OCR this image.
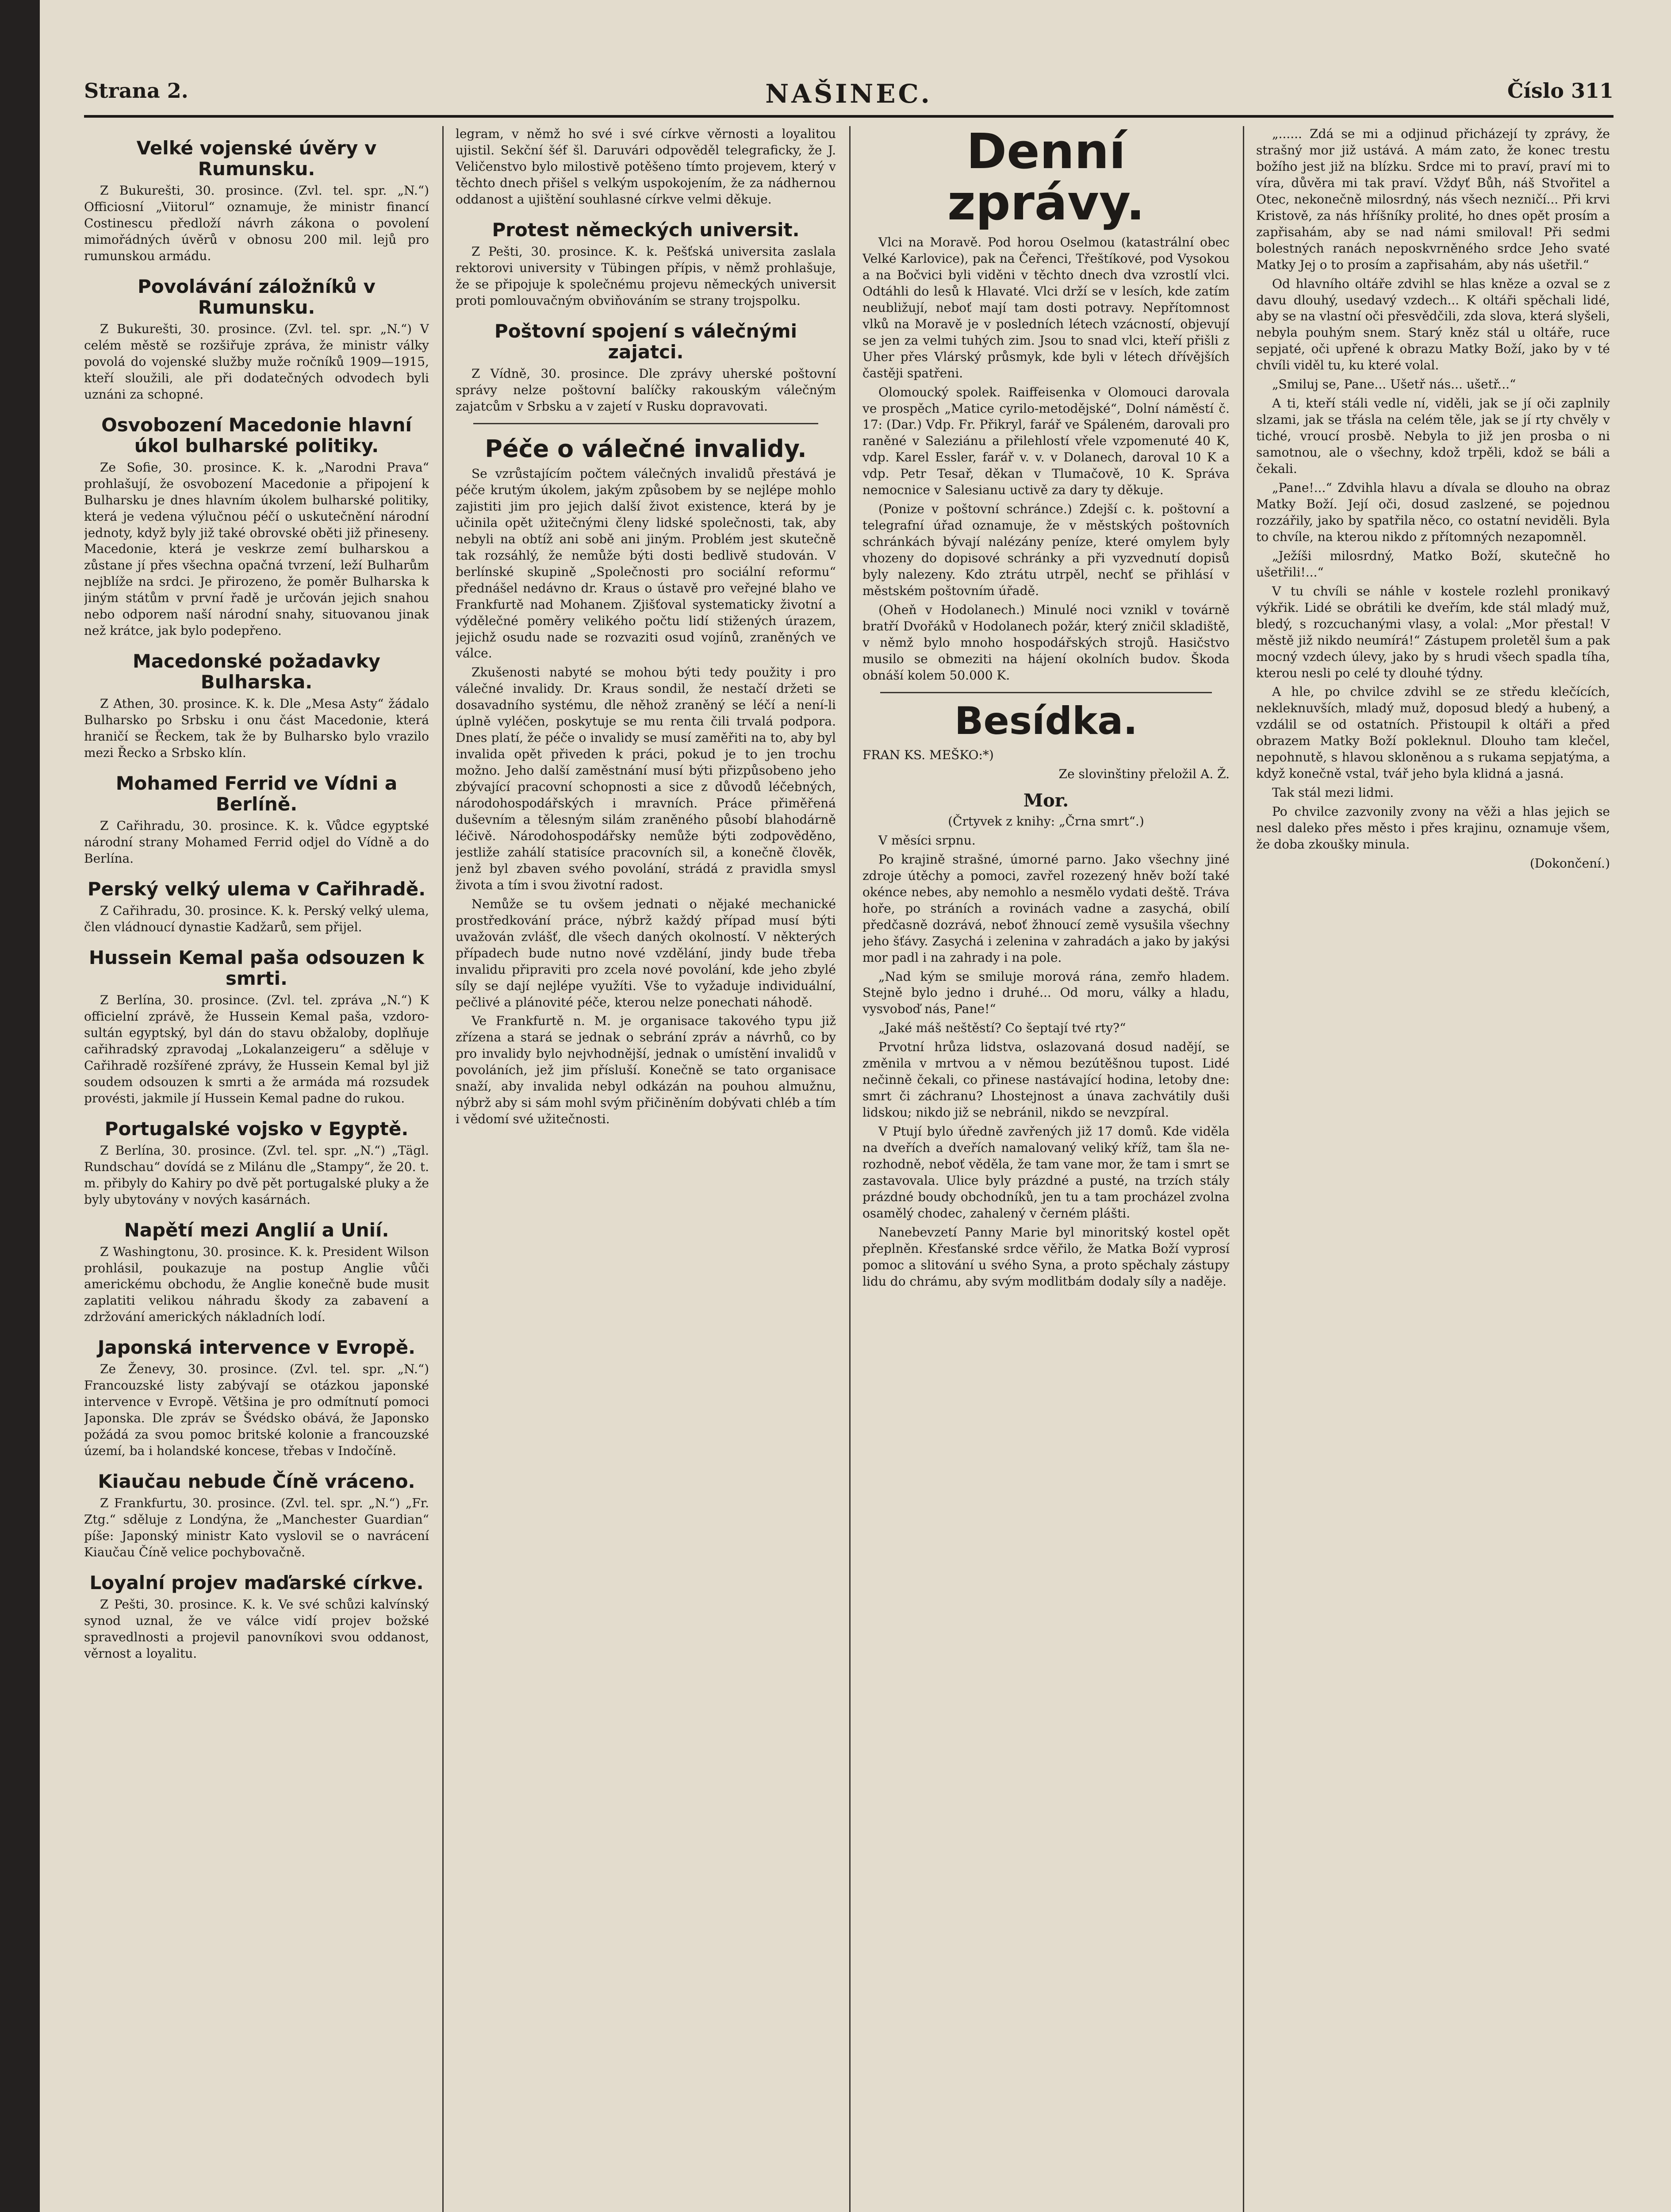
Strana 2.	NAŠINEC.	Číslo 311
Velké vojenské úvěry v Rumunsku.

Z Bukurešti, 30. prosince. (Zvl. tel. spr. „N.“) Officiosní „Viitorul“ oznamuje, že ministr financí Costinescu předloží návrh zákona o povolení mimořádných úvěrů v obnosu 200 mil. lejů pro rumunskou armádu.

Povolávání záložníků v Rumunsku.

Z Bukurešti, 30. prosince. (Zvl. tel. spr. „N.“) V celém městě se rozšiřuje zpráva, že ministr války povolá do vojenské služby muže ročníků 1909—1915, kteří sloužili, ale při dodatečných odvodech byli uznáni za schopné.

Osvobození Macedonie hlavní úkol bulharské politiky.

Ze Sofie, 30. prosince. K. k. „Narodni Prava“ prohlašují, že osvobození Macedonie a připojení k Bulharsku je dnes hlavním úkolem bulharské politiky, která je vedena výlučnou péčí o uskutečnění národní jednoty, když byly již také obrovské oběti již přineseny. Macedonie, která je veskrze zemí bulharskou a zůstane jí přes všechna opačná tvrzení, leží Bulharům nejblíže na srdci. Je přirozeno, že poměr Bulharska k jiným státům v první řadě je určován jejich snahou nebo odporem naší národní snahy, situovanou jinak než krátce, jak bylo podepřeno.

Macedonské požadavky Bulharska.

Z Athen, 30. prosince. K. k. Dle „Mesa Asty“ žádalo Bulharsko po Srbsku i onu část Macedonie, která hraničí se Řeckem, tak že by Bulharsko bylo vrazilo mezi Řecko a Srbsko klín.

Mohamed Ferrid ve Vídni a Berlíně.

Z Cařihradu, 30. prosince. K. k. Vůdce egyptské národní strany Mohamed Ferrid odjel do Vídně a do Berlína.

Perský velký ulema v Cařihradě.

Z Cařihradu, 30. prosince. K. k. Perský velký ulema, člen vládnoucí dynastie Kadžarů, sem přijel.

Hussein Kemal paša odsouzen k smrti.

Z Berlína, 30. prosince. (Zvl. tel. zpráva „N.“) K officielní zprávě, že Hussein Kemal paša, vzdoro-sultán egyptský, byl dán do stavu obžaloby, doplňuje cařihradský zpravodaj „Lokalanzeigeru“ a sděluje v Cařihradě rozšířené zprávy, že Hussein Kemal byl již soudem odsouzen k smrti a že armáda má rozsudek provésti, jakmile jí Hussein Kemal padne do rukou.

Portugalské vojsko v Egyptě.

Z Berlína, 30. prosince. (Zvl. tel. spr. „N.“) „Tägl. Rundschau“ dovídá se z Milánu dle „Stampy“, že 20. t. m. přibyly do Kahiry po dvě pět portugalské pluky a že byly ubytovány v nových kasárnách.

Napětí mezi Anglií a Unií.

Z Washingtonu, 30. prosince. K. k. President Wilson prohlásil, poukazuje na postup Anglie vůči americkému obchodu, že Anglie konečně bude musit zaplatiti velikou náhradu škody za zabavení a zdržování amerických nákladních lodí.

Japonská intervence v Evropě.

Ze Ženevy, 30. prosince. (Zvl. tel. spr. „N.“) Francouzské listy zabývají se otázkou japonské intervence v Evropě. Většina je pro odmítnutí pomoci Japonska. Dle zpráv se Švédsko obává, že Japonsko požádá za svou pomoc britské kolonie a francouzské území, ba i holandské koncese, třebas v Indočíně.

Kiaučau nebude Číně vráceno.

Z Frankfurtu, 30. prosince. (Zvl. tel. spr. „N.“) „Fr. Ztg.“ sděluje z Londýna, že „Manchester Guardian“ píše: Japonský ministr Kato vyslovil se o navrácení Kiaučau Číně velice pochybovačně.

Loyalní projev maďarské církve.

Z Pešti, 30. prosince. K. k. Ve své schůzi kalvínský synod uznal, že ve válce vidí projev božské spravedlnosti a projevil panovníkovi svou oddanost, věrnost a loyalitu.

legram, v němž ho své i své církve věrnosti a loyalitou ujistil. Sekční šéf šl. Daruvári odpověděl telegraficky, že J. Veličenstvo bylo milostivě potěšeno tímto projevem, který v těchto dnech přišel s velkým uspokojením, že za nádhernou oddanost a ujištění souhlasné církve velmi děkuje.

Protest německých universit.

Z Pešti, 30. prosince. K. k. Pešťská universita zaslala rektorovi university v Tübingen přípis, v němž prohlašuje, že se připojuje k společnému projevu německých universit proti pomlouvačným obviňováním se strany trojspolku.

Poštovní spojení s válečnými zajatci.

Z Vídně, 30. prosince. Dle zprávy uherské poštovní správy nelze poštovní balíčky rakouským válečným zajatcům v Srbsku a v zajetí v Rusku dopravovati.

Péče o válečné invalidy.

Se vzrůstajícím počtem válečných invalidů přestává je péče krutým úkolem, jakým způsobem by se nejlépe mohlo zajistiti jim pro jejich další život existence, která by je učinila opět užitečnými členy lidské společnosti, tak, aby nebyli na obtíž ani sobě ani jiným. Problém jest skutečně tak rozsáhlý, že nemůže býti dosti bedlivě studován. V berlínské skupině „Společnosti pro sociální reformu“ přednášel nedávno dr. Kraus o ústavě pro veřejné blaho ve Frankfurtě nad Mohanem. Zjišťoval systematicky životní a výdělečné poměry velikého počtu lidí stižených úrazem, jejichž osudu nade se rozvaziti osud vojínů, zraněných ve válce.

Zkušenosti nabyté se mohou býti tedy použity i pro válečné invalidy. Dr. Kraus sondil, že nestačí držeti se dosavadního systému, dle něhož zraněný se léčí a není-li úplně vyléčen, poskytuje se mu renta čili trvalá podpora. Dnes platí, že péče o invalidy se musí zaměřiti na to, aby byl invalida opět přiveden k práci, pokud je to jen trochu možno. Jeho další zaměstnání musí býti přizpůsobeno jeho zbývající pracovní schopnosti a sice z důvodů léčebných, národohospodářských i mravních. Práce přiměřená duševním a tělesným silám zraněného působí blahodárně léčivě. Národohospodářsky nemůže býti zodpověděno, jestliže zahálí statisíce pracovních sil, a konečně člověk, jenž byl zbaven svého povolání, strádá z pravidla smysl života a tím i svou životní radost.

Nemůže se tu ovšem jednati o nějaké mechanické prostředkování práce, nýbrž každý případ musí býti uvažován zvlášť, dle všech daných okolností. V některých případech bude nutno nové vzdělání, jindy bude třeba invalidu připraviti pro zcela nové povolání, kde jeho zbylé síly se dají nejlépe využíti. Vše to vyžaduje individuální, pečlivé a plánovité péče, kterou nelze ponechati náhodě.

Ve Frankfurtě n. M. je organisace takového typu již zřízena a stará se jednak o sebrání zpráv a návrhů, co by pro invalidy bylo nejvhodnější, jednak o umístění invalidů v povoláních, jež jim přísluší. Konečně se tato organisace snaží, aby invalida nebyl odkázán na pouhou almužnu, nýbrž aby si sám mohl svým přičiněním dobývati chléb a tím i vědomí své užitečnosti.

Denní zprávy.

Vlci na Moravě. Pod horou Oselmou (katastrální obec Velké Karlovice), pak na Čeřenci, Třeštíkové, pod Vysokou a na Bočvici byli viděni v těchto dnech dva vzrostlí vlci. Odtáhli do lesů k Hlavaté. Vlci drží se v lesích, kde zatím neubližují, neboť mají tam dosti potravy. Nepřítomnost vlků na Moravě je v posledních létech vzácností, objevují se jen za velmi tuhých zim. Jsou to snad vlci, kteří přišli z Uher přes Vlárský průsmyk, kde byli v létech dřívějších častěji spatřeni.

Olomoucký spolek. Raiffeisenka v Olomouci darovala ve prospěch „Matice cyrilo-metodějské“, Dolní náměstí č. 17: (Dar.) Vdp. Fr. Přikryl, farář ve Spáleném, darovali pro raněné v Saleziánu a přilehlostí vřele vzpomenuté 40 K, vdp. Karel Essler, farář v. v. v Dolanech, daroval 10 K a vdp. Petr Tesař, děkan v Tlumačově, 10 K. Správa nemocnice v Salesianu uctivě za dary ty děkuje.

(Ponize v poštovní schránce.) Zdejší c. k. poštovní a telegrafní úřad oznamuje, že v městských poštovních schránkách bývají nalézány peníze, které omylem byly vhozeny do dopisové schránky a při vyzvednutí dopisů byly nalezeny. Kdo ztrátu utrpěl, nechť se přihlásí v městském poštovním úřadě.

(Oheň v Hodolanech.) Minulé noci vznikl v továrně bratří Dvořáků v Hodolanech požár, který zničil skladiště, v němž bylo mnoho hospodářských strojů. Hasičstvo musilo se obmeziti na hájení okolních budov. Škoda obnáší kolem 50.000 K.

Besídka.

FRAN KS. MEŠKO:*)

Ze slovinštiny přeložil A. Ž.

Mor.

(Črtyvek z knihy: „Črna smrt“.)

V měsíci srpnu.

Po krajině strašné, úmorné parno. Jako všechny jiné zdroje útěchy a pomoci, zavřel rozezený hněv boží také okénce nebes, aby nemohlo a nesmělo vydati deště. Tráva hoře, po stráních a rovinách vadne a zasychá, obilí předčasně dozrává, neboť žhnoucí země vysušila všechny jeho šťávy. Zasychá i zelenina v zahradách a jako by jakýsi mor padl i na zahrady i na pole.

„Nad kým se smiluje morová rána, zemřo hladem. Stejně bylo jedno i druhé... Od moru, války a hladu, vysvoboď nás, Pane!“

„Jaké máš neštěstí? Co šeptají tvé rty?“

Prvotní hrůza lidstva, oslazovaná dosud nadějí, se změnila v mrtvou a v němou bezútěšnou tupost. Lidé nečinně čekali, co přinese nastávající hodina, letoby dne: smrt či záchranu? Lhostejnost a únava zachvátily duši lidskou; nikdo již se nebránil, nikdo se nevzpíral.

V Ptují bylo úředně zavřených již 17 domů. Kde viděla na dveřích a dveřích namalovaný veliký kříž, tam šla nerozhodně, neboť věděla, že tam vane mor, že tam i smrt se zastavovala. Ulice byly prázdné a pusté, na trzích stály prázdné boudy obchodníků, jen tu a tam procházel zvolna osamělý chodec, zahalený v černém plášti.

Nanebevzetí Panny Marie byl minoritský kostel opět přeplněn. Křesťanské srdce věřilo, že Matka Boží vyprosí pomoc a slitování u svého Syna, a proto spěchaly zástupy lidu do chrámu, aby svým modlitbám dodaly síly a naděje.

„...... Zdá se mi a odjinud přicházejí ty zprávy, že strašný mor již ustává. A mám zato, že konec trestu božího jest již na blízku. Srdce mi to praví, praví mi to víra, důvěra mi tak praví. Vždyť Bůh, náš Stvořitel a Otec, nekonečně milosrdný, nás všech nezničí... Při krvi Kristově, za nás hříšníky prolité, ho dnes opět prosím a zapřisahám, aby se nad námi smiloval! Při sedmi bolestných ranách neposkvrněného srdce Jeho svaté Matky Jej o to prosím a zapřisahám, aby nás ušetřil.“

Od hlavního oltáře zdvihl se hlas kněze a ozval se z davu dlouhý, usedavý vzdech... K oltáři spěchali lidé, aby se na vlastní oči přesvědčili, zda slova, která slyšeli, nebyla pouhým snem. Starý kněz stál u oltáře, ruce sepjaté, oči upřené k obrazu Matky Boží, jako by v té chvíli viděl tu, ku které volal.

„Smiluj se, Pane... Ušetř nás... ušetř...“

A ti, kteří stáli vedle ní, viděli, jak se jí oči zaplnily slzami, jak se třásla na celém těle, jak se jí rty chvěly v tiché, vroucí prosbě. Nebyla to již jen prosba o ni samotnou, ale o všechny, kdož trpěli, kdož se báli a čekali.

„Pane!...“ Zdvihla hlavu a dívala se dlouho na obraz Matky Boží. Její oči, dosud zaslzené, se pojednou rozzářily, jako by spatřila něco, co ostatní neviděli. Byla to chvíle, na kterou nikdo z přítomných nezapomněl.

„Ježíši milosrdný, Matko Boží, skutečně ho ušetřili!...“

V tu chvíli se náhle v kostele rozlehl pronikavý výkřik. Lidé se obrátili ke dveřím, kde stál mladý muž, bledý, s rozcuchanými vlasy, a volal: „Mor přestal! V městě již nikdo neumírá!“ Zástupem proletěl šum a pak mocný vzdech úlevy, jako by s hrudi všech spadla tíha, kterou nesli po celé ty dlouhé týdny.

A hle, po chvilce zdvihl se ze středu klečících, nekleknuvších, mladý muž, doposud bledý a hubený, a vzdálil se od ostatních. Přistoupil k oltáři a před obrazem Matky Boží pokleknul. Dlouho tam klečel, nepohnutě, s hlavou skloněnou a s rukama sepjatýma, a když konečně vstal, tvář jeho byla klidná a jasná.

Tak stál mezi lidmi.

Po chvilce zazvonily zvony na věži a hlas jejich se nesl daleko přes město i přes krajinu, oznamuje všem, že doba zkoušky minula.

(Dokončení.)
